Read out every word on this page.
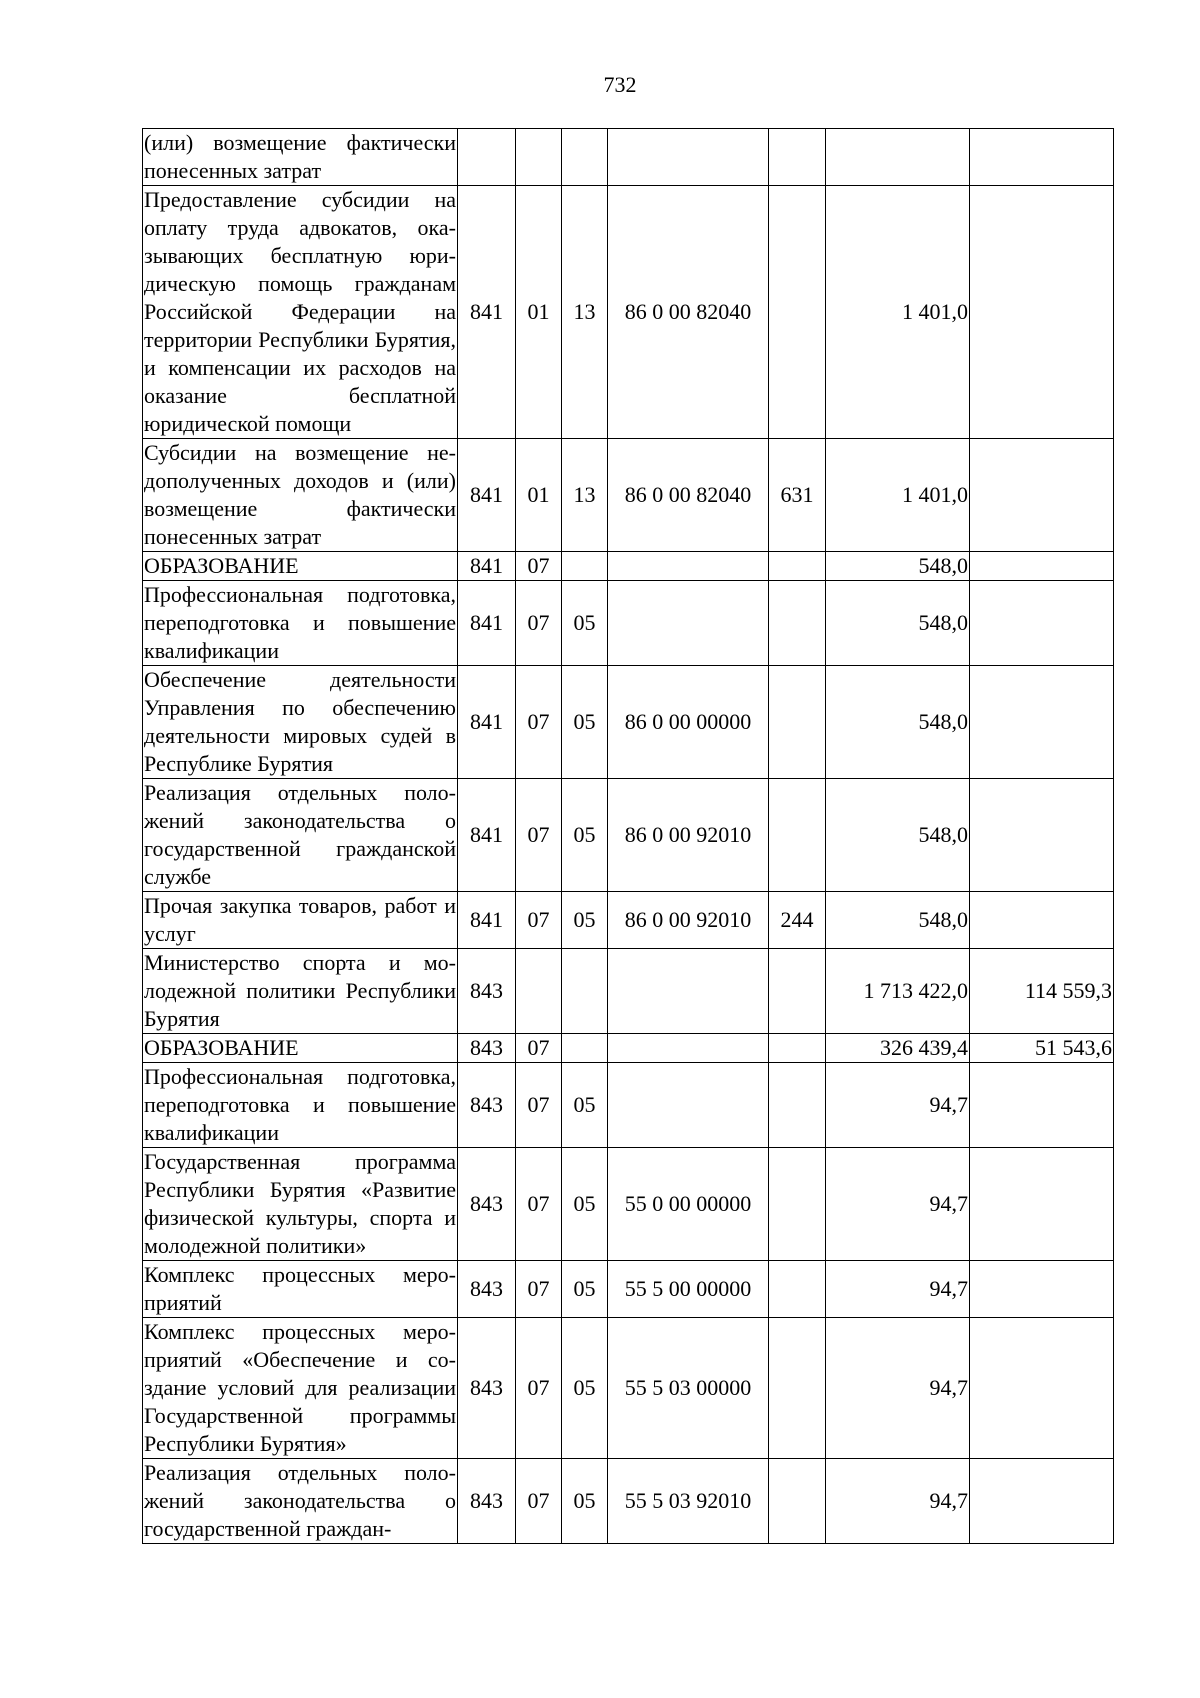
732
(или) возмещение фактически понесенных затрат							
Предоставление субсидии на оплату труда адвокатов, оказывающих бесплатную юридическую помощь гражданам Российской Федерации на территории Республики Бурятия, и компенсации их расходов на оказание бесплатной юридической помощи	841	01	13	86 0 00 82040		1 401,0	
Субсидии на возмещение недополученных доходов и (или) возмещение фактически понесенных затрат	841	01	13	86 0 00 82040	631	1 401,0	
ОБРАЗОВАНИЕ	841	07				548,0	
Профессиональная подготовка, переподготовка и повышение квалификации	841	07	05			548,0	
Обеспечение деятельности Управления по обеспечению деятельности мировых судей в Республике Бурятия	841	07	05	86 0 00 00000		548,0	
Реализация отдельных положений законодательства о государственной гражданской службе	841	07	05	86 0 00 92010		548,0	
Прочая закупка товаров, работ и услуг	841	07	05	86 0 00 92010	244	548,0	
Министерство спорта и молодежной политики Республики Бурятия	843					1 713 422,0	114 559,3
ОБРАЗОВАНИЕ	843	07				326 439,4	51 543,6
Профессиональная подготовка, переподготовка и повышение квалификации	843	07	05			94,7	
Государственная программа Республики Бурятия «Развитие физической культуры, спорта и молодежной политики»	843	07	05	55 0 00 00000		94,7	
Комплекс процессных мероприятий	843	07	05	55 5 00 00000		94,7	
Комплекс процессных мероприятий «Обеспечение и создание условий для реализации Государственной программы Республики Бурятия»	843	07	05	55 5 03 00000		94,7	
Реализация отдельных положений законодательства о государственной граждан-	843	07	05	55 5 03 92010		94,7	
